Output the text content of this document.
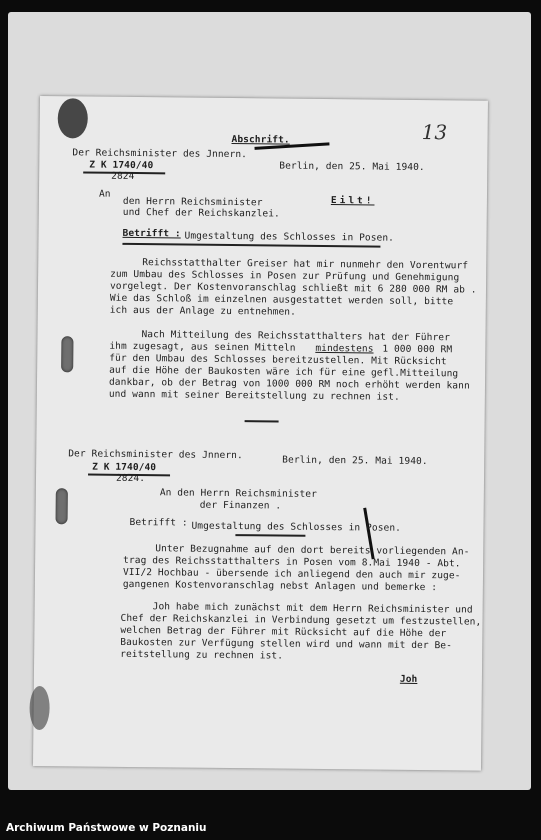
13
Abschrift.
Der Reichsminister des Jnnern.
Berlin, den 25. Mai 1940.
Z K 1740/40
2824
An
den Herrn Reichsminister
und Chef der Reichskanzlei.
Eilt!
Betrifft : Umgestaltung des Schlosses in Posen.
Reichsstatthalter Greiser hat mir nunmehr den Vorentwurf
zum Umbau des Schlosses in Posen zur Prüfung und Genehmigung
vorgelegt. Der Kostenvoranschlag schließt mit 6 280 000 RM ab .
Wie das Schloß im einzelnen ausgestattet werden soll, bitte
ich aus der Anlage zu entnehmen.
Nach Mitteilung des Reichsstatthalters hat der Führer
ihm zugesagt, aus seinen Mitteln mindestens 1 000 000 RM
für den Umbau des Schlosses bereitzustellen. Mit Rücksicht
auf die Höhe der Baukosten wäre ich für eine gefl.Mitteilung
dankbar, ob der Betrag von 1000 000 RM noch erhöht werden kann
und wann mit seiner Bereitstellung zu rechnen ist.
Der Reichsminister des Jnnern.	Berlin, den 25. Mai 1940.
Z K 1740/40
2824.
An den Herrn Reichsminister
der Finanzen .
Betrifft : Umgestaltung des Schlosses in Posen.
Unter Bezugnahme auf den dort bereits vorliegenden An-
trag des Reichsstatthalters in Posen vom 8.Mai 1940 - Abt.
VII/2 Hochbau - übersende ich anliegend den auch mir zuge-
gangenen Kostenvoranschlag nebst Anlagen und bemerke :
Joh habe mich zunächst mit dem Herrn Reichsminister und
Chef der Reichskanzlei in Verbindung gesetzt um festzustellen,
welchen Betrag der Führer mit Rücksicht auf die Höhe der
Baukosten zur Verfügung stellen wird und wann mit der Be-
reitstellung zu rechnen ist.
Joh
Archiwum Państwowe w Poznaniu
